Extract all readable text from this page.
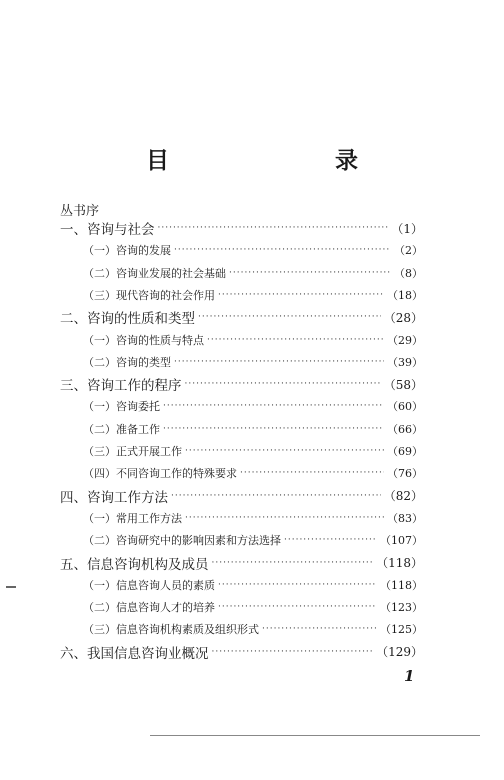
目　　录
丛书序
一、咨询与社会 ·····	（1）
（一）咨询的发展 ·····	（2）
（二）咨询业发展的社会基础 ·····	（8）
（三）现代咨询的社会作用 ·····	（18）
二、咨询的性质和类型 ·····	（28）
（一）咨询的性质与特点 ·····	（29）
（二）咨询的类型 ·····	（39）
三、咨询工作的程序 ·····	（58）
（一）咨询委托 ·····	（60）
（二）准备工作 ·····	（66）
（三）正式开展工作 ·····	（69）
（四）不同咨询工作的特殊要求 ·····	（76）
四、咨询工作方法 ·····	（82）
（一）常用工作方法 ·····	（83）
（二）咨询研究中的影响因素和方法选择 ·····	（107）
五、信息咨询机构及成员 ·····	（118）
（一）信息咨询人员的素质 ·····	（118）
（二）信息咨询人才的培养 ·····	（123）
（三）信息咨询机构素质及组织形式 ·····	（125）
六、我国信息咨询业概况 ·····	（129）
1
